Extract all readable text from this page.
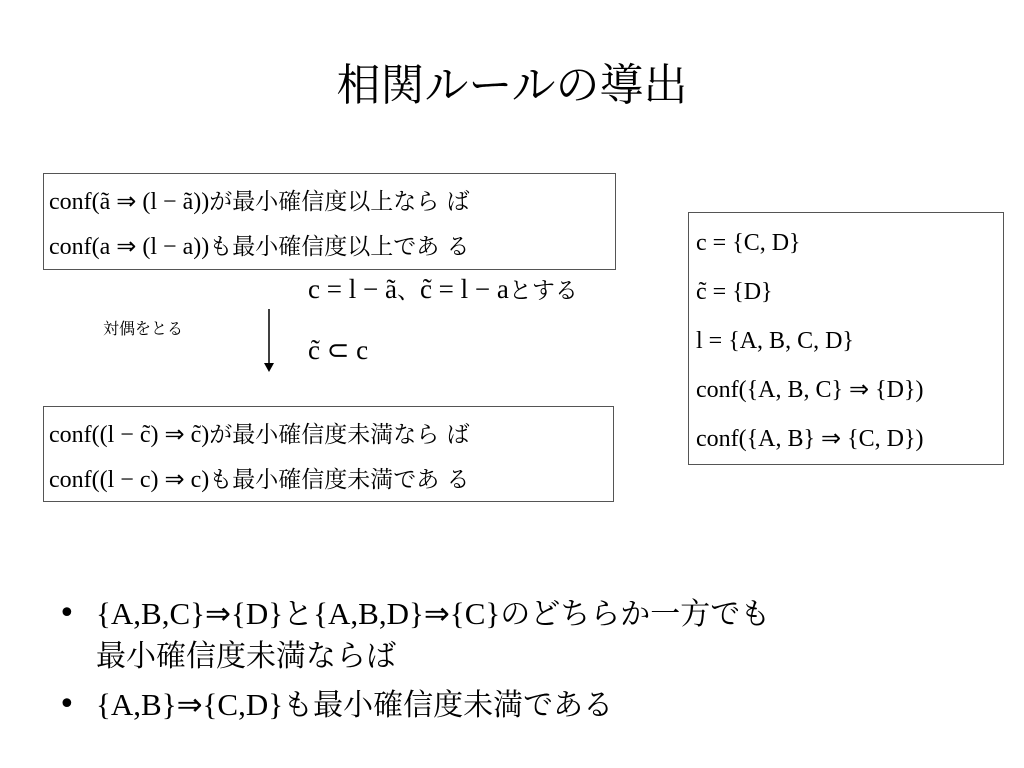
相関ルールの導出
conf(ã ⇒ (l − ã))が最小確信度以上なら ば
conf(a ⇒ (l − a))も最小確信度以上であ る
c = l − ã、c̃ = l − aとする
c̃ ⊂ c
対偶をとる
conf((l − c̃) ⇒ c̃)が最小確信度未満なら ば
conf((l − c) ⇒ c)も最小確信度未満であ る
c = {C, D}
c̃ = {D}
l = {A, B, C, D}
conf({A, B, C} ⇒ {D})
conf({A, B} ⇒ {C, D})
• {A,B,C}⇒{D}と{A,B,D}⇒{C}のどちらか一方でも
最小確信度未満ならば
• {A,B}⇒{C,D}も最小確信度未満である
